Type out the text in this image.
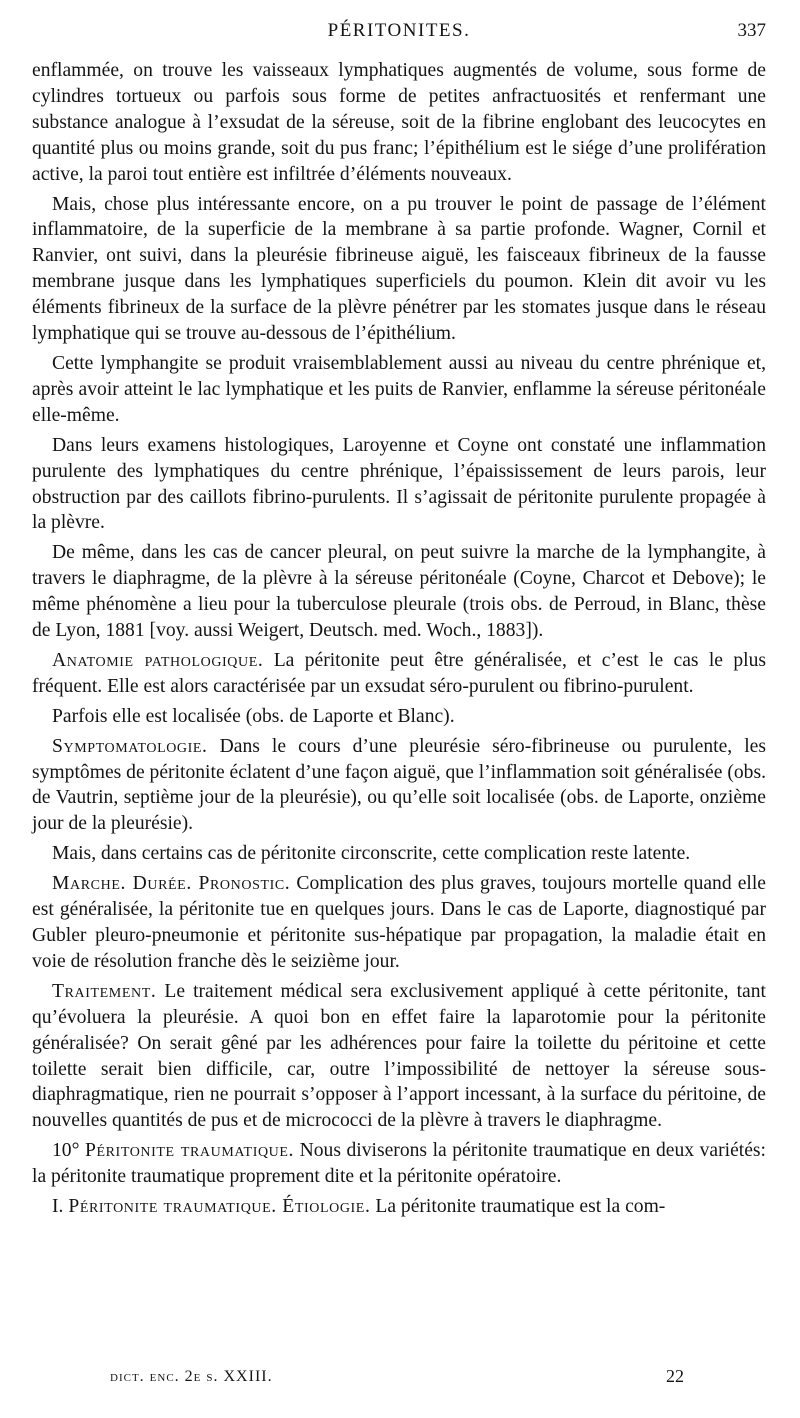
PÉRITONITES.	337

enflammée, on trouve les vaisseaux lymphatiques augmentés de volume, sous forme de cylindres tortueux ou parfois sous forme de petites anfractuosités et renfermant une substance analogue à l’exsudat de la séreuse, soit de la fibrine englobant des leucocytes en quantité plus ou moins grande, soit du pus franc; l’épithélium est le siége d’une prolifération active, la paroi tout entière est infiltrée d’éléments nouveaux.

Mais, chose plus intéressante encore, on a pu trouver le point de passage de l’élément inflammatoire, de la superficie de la membrane à sa partie profonde. Wagner, Cornil et Ranvier, ont suivi, dans la pleurésie fibrineuse aiguë, les faisceaux fibrineux de la fausse membrane jusque dans les lymphatiques superficiels du poumon. Klein dit avoir vu les éléments fibrineux de la surface de la plèvre pénétrer par les stomates jusque dans le réseau lymphatique qui se trouve au-dessous de l’épithélium.

Cette lymphangite se produit vraisemblablement aussi au niveau du centre phrénique et, après avoir atteint le lac lymphatique et les puits de Ranvier, enflamme la séreuse péritonéale elle-même.

Dans leurs examens histologiques, Laroyenne et Coyne ont constaté une inflammation purulente des lymphatiques du centre phrénique, l’épaississement de leurs parois, leur obstruction par des caillots fibrino-purulents. Il s’agissait de péritonite purulente propagée à la plèvre.

De même, dans les cas de cancer pleural, on peut suivre la marche de la lymphangite, à travers le diaphragme, de la plèvre à la séreuse péritonéale (Coyne, Charcot et Debove); le même phénomène a lieu pour la tuberculose pleurale (trois obs. de Perroud, in Blanc, thèse de Lyon, 1881 [voy. aussi Weigert, Deutsch. med. Woch., 1883]).

Anatomie pathologique. La péritonite peut être généralisée, et c’est le cas le plus fréquent. Elle est alors caractérisée par un exsudat séro-purulent ou fibrino-purulent.

Parfois elle est localisée (obs. de Laporte et Blanc).

Symptomatologie. Dans le cours d’une pleurésie séro-fibrineuse ou purulente, les symptômes de péritonite éclatent d’une façon aiguë, que l’inflammation soit généralisée (obs. de Vautrin, septième jour de la pleurésie), ou qu’elle soit localisée (obs. de Laporte, onzième jour de la pleurésie).

Mais, dans certains cas de péritonite circonscrite, cette complication reste latente.

Marche. Durée. Pronostic. Complication des plus graves, toujours mortelle quand elle est généralisée, la péritonite tue en quelques jours. Dans le cas de Laporte, diagnostiqué par Gubler pleuro-pneumonie et péritonite sus-hépatique par propagation, la maladie était en voie de résolution franche dès le seizième jour.

Traitement. Le traitement médical sera exclusivement appliqué à cette péritonite, tant qu’évoluera la pleurésie. A quoi bon en effet faire la laparotomie pour la péritonite généralisée? On serait gêné par les adhérences pour faire la toilette du péritoine et cette toilette serait bien difficile, car, outre l’impossibilité de nettoyer la séreuse sous-diaphragmatique, rien ne pourrait s’opposer à l’apport incessant, à la surface du péritoine, de nouvelles quantités de pus et de micrococci de la plèvre à travers le diaphragme.

10° Péritonite traumatique. Nous diviserons la péritonite traumatique en deux variétés: la péritonite traumatique proprement dite et la péritonite opératoire.

I. Péritonite traumatique. Étiologie. La péritonite traumatique est la com-

dict. enc. 2e s. XXIII.	22
